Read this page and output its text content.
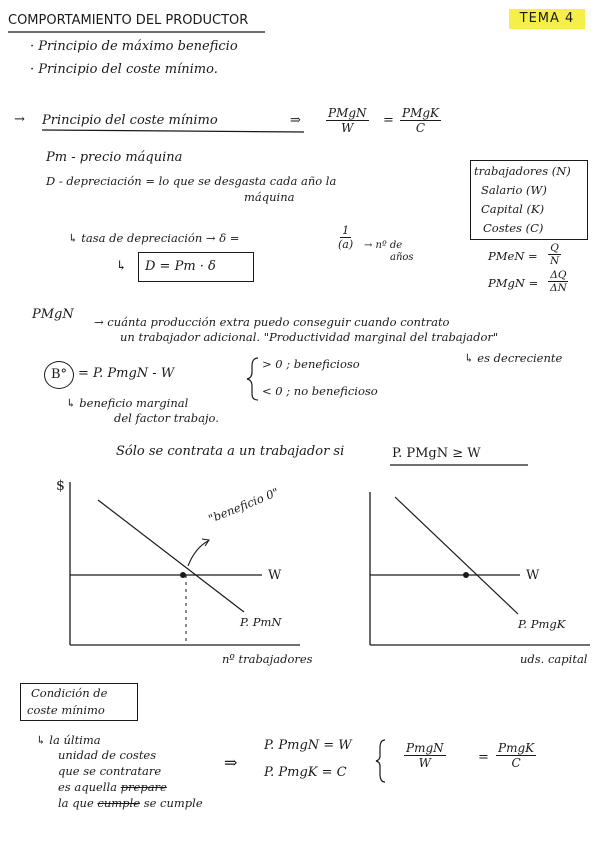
COMPORTAMIENTO DEL PRODUCTOR	TEMA 4
· Principio de máximo beneficio
· Principio del coste mínimo.
→ Principio del coste mínimo	⇒ PMgN
W = PMgK
C
Pm - precio máquina
D - depreciación = lo que se desgasta cada año la
máquina
↳ tasa de depreciación → δ =	$\frac{1}{(a)}$ → nº de
años
↳	D = Pm · δ
trabajadores (N)
Salario (W)
Capital (K)
Costes (C)
PMeN = $\frac{Q}{N}$
PMgN = $\frac{\Delta Q}{\Delta N}$
PMgN → cuánta producción extra puedo conseguir cuando contrato
un trabajador adicional. "Productividad marginal del trabajador"
↳ es decreciente
B° = P. PmgN - W
> 0 ; beneficioso
< 0 ; no beneficioso
↳ beneficio marginal
del factor trabajo.
Sólo se contrata a un trabajador si	P. PMgN ≥ W
$
W
P. PmN
nº trabajadores
"beneficio 0"
W
P. PmgK
uds. capital
Condición de
coste mínimo
↳ la última
unidad de costes
que se contratare
es aquella prepare
la que cumple se cumple
⇒
P. PmgN = W
P. PmgK = C
PmgN
W	=
PmgK
C
